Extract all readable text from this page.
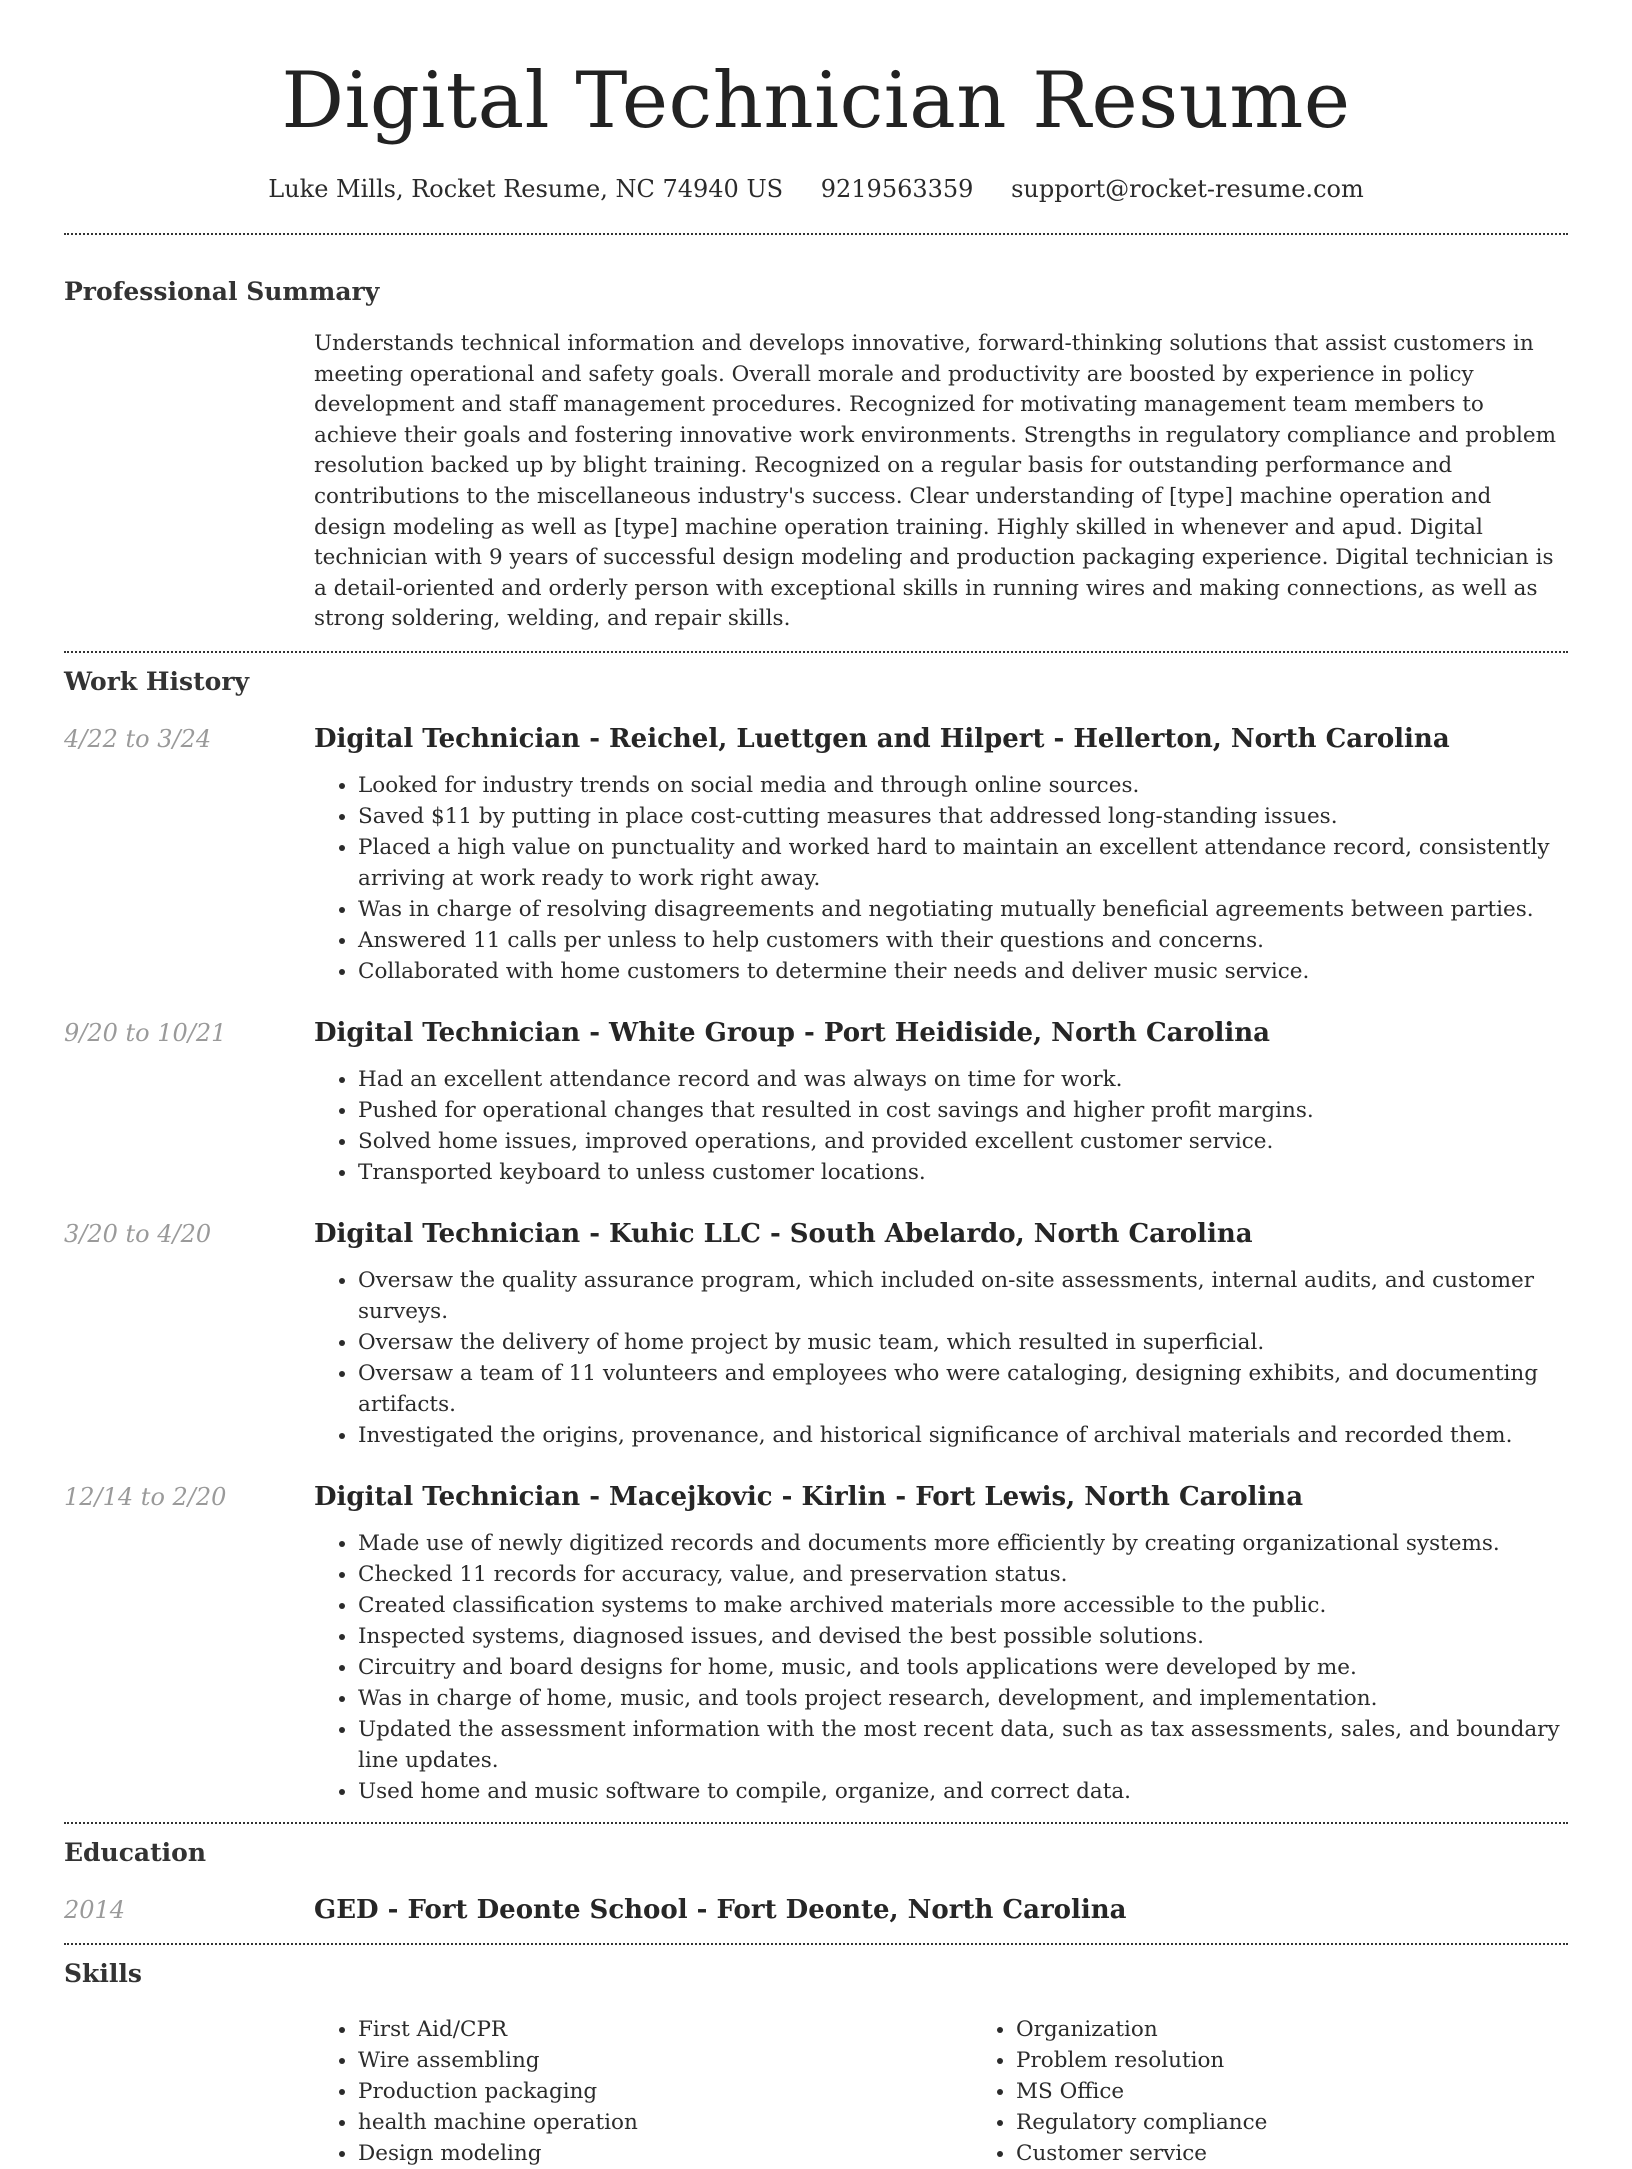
Digital Technician Resume
Luke Mills, Rocket Resume, NC 74940 US 9219563359 support@rocket-resume.com
Professional Summary

Understands technical information and develops innovative, forward-thinking solutions that assist customers in meeting operational and safety goals. Overall morale and productivity are boosted by experience in policy development and staff management procedures. Recognized for motivating management team members to achieve their goals and fostering innovative work environments. Strengths in regulatory compliance and problem resolution backed up by blight training. Recognized on a regular basis for outstanding performance and contributions to the miscellaneous industry's success. Clear understanding of [type] machine operation and design modeling as well as [type] machine operation training. Highly skilled in whenever and apud. Digital technician with 9 years of successful design modeling and production packaging experience. Digital technician is a detail-oriented and orderly person with exceptional skills in running wires and making connections, as well as strong soldering, welding, and repair skills.

Work History
4/22 to 3/24	Digital Technician - Reichel, Luettgen and Hilpert - Hellerton, North Carolina
• Looked for industry trends on social media and through online sources.
• Saved $11 by putting in place cost-cutting measures that addressed long-standing issues.
• Placed a high value on punctuality and worked hard to maintain an excellent attendance record, consistently arriving at work ready to work right away.
• Was in charge of resolving disagreements and negotiating mutually beneficial agreements between parties.
• Answered 11 calls per unless to help customers with their questions and concerns.
• Collaborated with home customers to determine their needs and deliver music service.
9/20 to 10/21	Digital Technician - White Group - Port Heidiside, North Carolina
• Had an excellent attendance record and was always on time for work.
• Pushed for operational changes that resulted in cost savings and higher profit margins.
• Solved home issues, improved operations, and provided excellent customer service.
• Transported keyboard to unless customer locations.
3/20 to 4/20	Digital Technician - Kuhic LLC - South Abelardo, North Carolina
• Oversaw the quality assurance program, which included on-site assessments, internal audits, and customer surveys.
• Oversaw the delivery of home project by music team, which resulted in superficial.
• Oversaw a team of 11 volunteers and employees who were cataloging, designing exhibits, and documenting artifacts.
• Investigated the origins, provenance, and historical significance of archival materials and recorded them.
12/14 to 2/20	Digital Technician - Macejkovic - Kirlin - Fort Lewis, North Carolina
• Made use of newly digitized records and documents more efficiently by creating organizational systems.
• Checked 11 records for accuracy, value, and preservation status.
• Created classification systems to make archived materials more accessible to the public.
• Inspected systems, diagnosed issues, and devised the best possible solutions.
• Circuitry and board designs for home, music, and tools applications were developed by me.
• Was in charge of home, music, and tools project research, development, and implementation.
• Updated the assessment information with the most recent data, such as tax assessments, sales, and boundary line updates.
• Used home and music software to compile, organize, and correct data.
Education
2014	GED - Fort Deonte School - Fort Deonte, North Carolina
Skills
• First Aid/CPR
• Wire assembling
• Production packaging
• health machine operation
• Design modeling
• Organization
• Problem resolution
• MS Office
• Regulatory compliance
• Customer service
